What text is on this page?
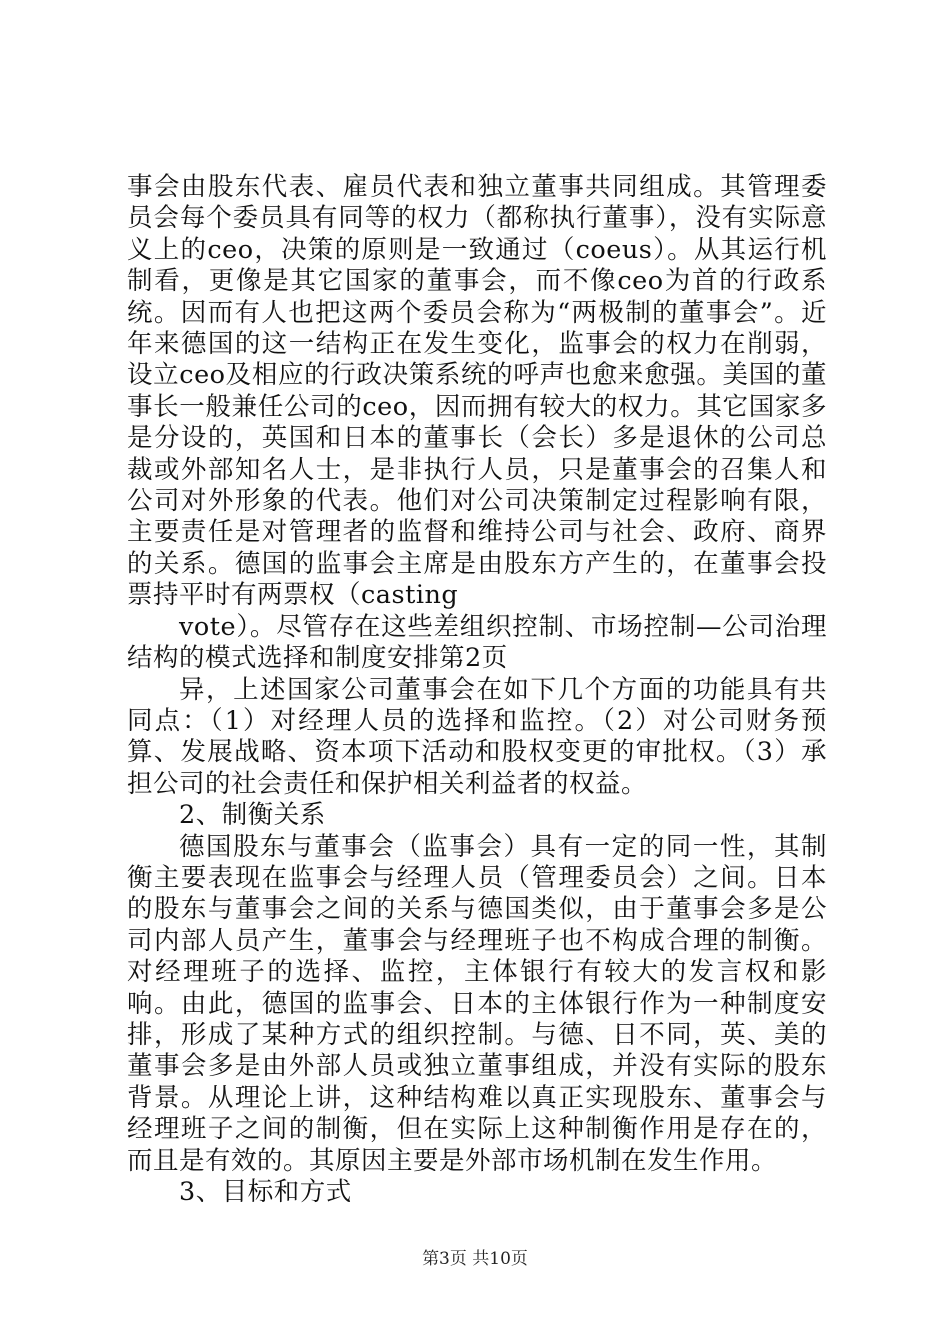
事会由股东代表、雇员代表和独立董事共同组成。其管理委员会每个委员具有同等的权力（都称执行董事），没有实际意义上的ceo，决策的原则是一致通过（coeus）。从其运行机制看，更像是其它国家的董事会，而不像ceo为首的行政系统。因而有人也把这两个委员会称为“两极制的董事会”。近年来德国的这一结构正在发生变化，监事会的权力在削弱，设立ceo及相应的行政决策系统的呼声也愈来愈强。美国的董事长一般兼任公司的ceo，因而拥有较大的权力。其它国家多是分设的，英国和日本的董事长（会长）多是退休的公司总裁或外部知名人士，是非执行人员，只是董事会的召集人和公司对外形象的代表。他们对公司决策制定过程影响有限，主要责任是对管理者的监督和维持公司与社会、政府、商界的关系。德国的监事会主席是由股东方产生的，在董事会投票持平时有两票权（casting

vote）。尽管存在这些差组织控制、市场控制—公司治理结构的模式选择和制度安排第2页

异，上述国家公司董事会在如下几个方面的功能具有共同点：（1）对经理人员的选择和监控。（2）对公司财务预算、发展战略、资本项下活动和股权变更的审批权。（3）承担公司的社会责任和保护相关利益者的权益。

2、制衡关系

德国股东与董事会（监事会）具有一定的同一性，其制衡主要表现在监事会与经理人员（管理委员会）之间。日本的股东与董事会之间的关系与德国类似，由于董事会多是公司内部人员产生，董事会与经理班子也不构成合理的制衡。对经理班子的选择、监控，主体银行有较大的发言权和影响。由此，德国的监事会、日本的主体银行作为一种制度安排，形成了某种方式的组织控制。与德、日不同，英、美的董事会多是由外部人员或独立董事组成，并没有实际的股东背景。从理论上讲，这种结构难以真正实现股东、董事会与经理班子之间的制衡，但在实际上这种制衡作用是存在的，而且是有效的。其原因主要是外部市场机制在发生作用。

3、目标和方式

第3页 共10页
